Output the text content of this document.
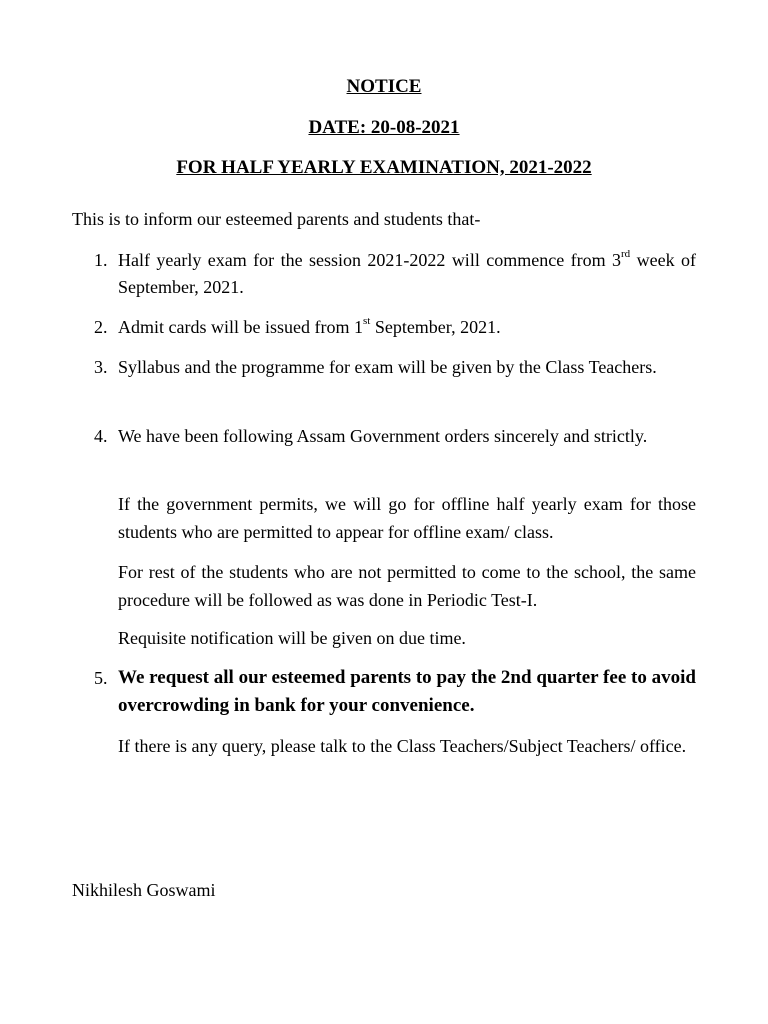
NOTICE
DATE: 20-08-2021
FOR HALF YEARLY EXAMINATION, 2021-2022
This is to inform our esteemed parents and students that-
1. Half yearly exam for the session 2021-2022 will commence from 3rd week of September, 2021.
2. Admit cards will be issued from 1st September, 2021.
3. Syllabus and the programme for exam will be given by the Class Teachers.
4. We have been following Assam Government orders sincerely and strictly.
If the government permits, we will go for offline half yearly exam for those students who are permitted to appear for offline exam/ class.
For rest of the students who are not permitted to come to the school, the same procedure will be followed as was done in Periodic Test-I.
Requisite notification will be given on due time.
5. We request all our esteemed parents to pay the 2nd quarter fee to avoid overcrowding in bank for your convenience.
If there is any query, please talk to the Class Teachers/Subject Teachers/ office.
Nikhilesh Goswami
